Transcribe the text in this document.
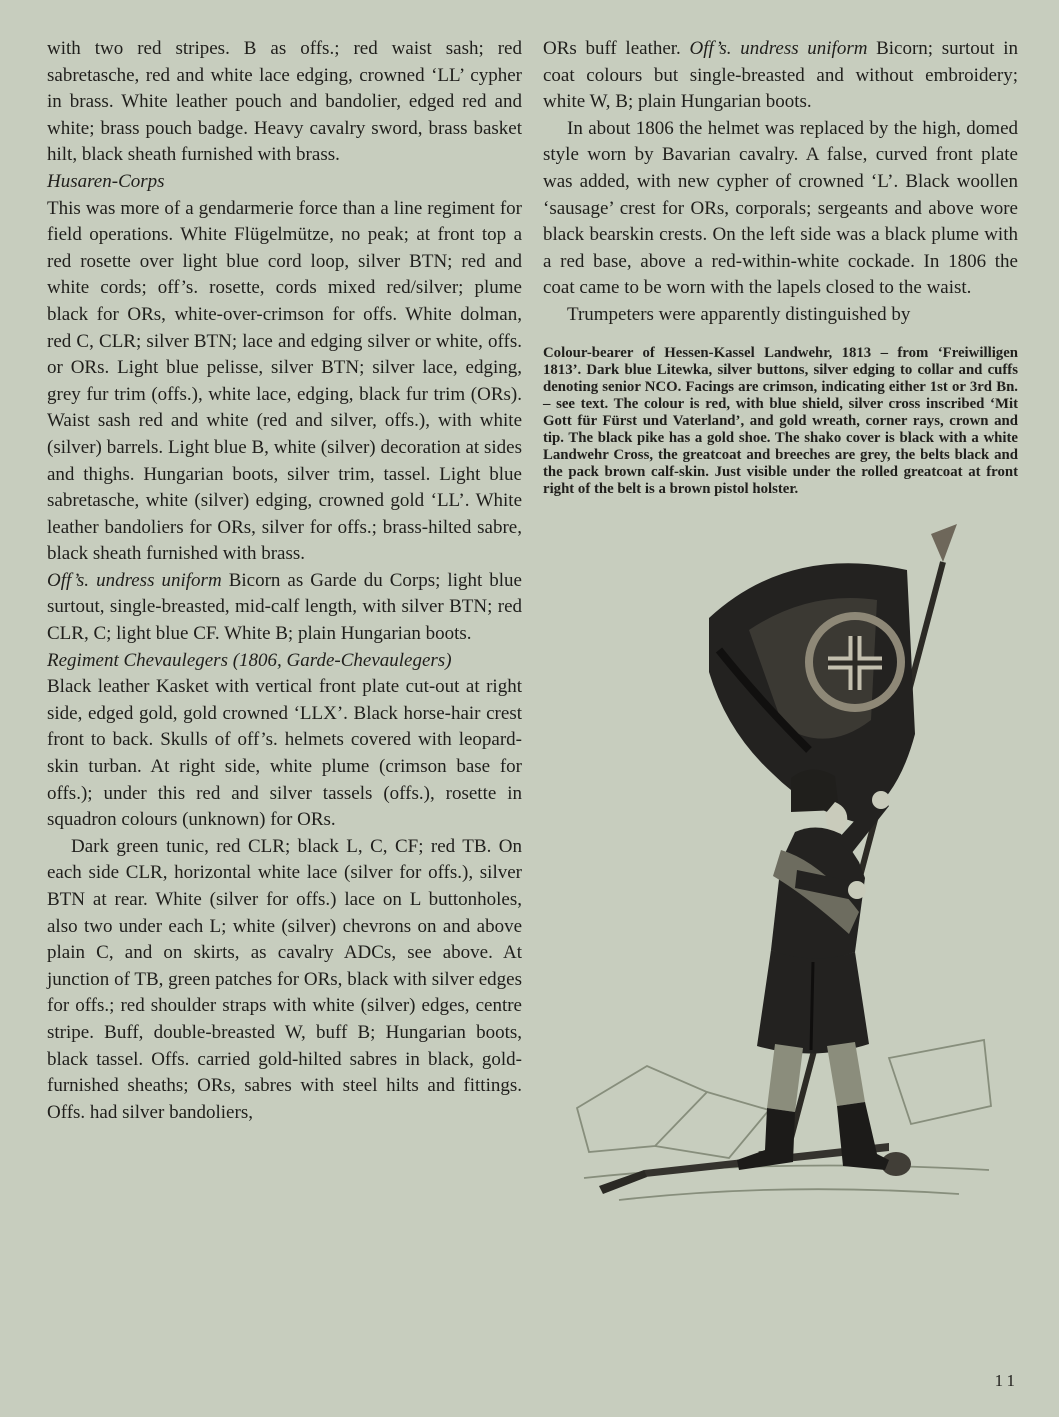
with two red stripes. B as offs.; red waist sash; red sabretasche, red and white lace edging, crowned ‘LL’ cypher in brass. White leather pouch and bandolier, edged red and white; brass pouch badge. Heavy cavalry sword, brass basket hilt, black sheath furnished with brass.

Husaren-Corps

This was more of a gendarmerie force than a line regiment for field operations. White Flügelmütze, no peak; at front top a red rosette over light blue cord loop, silver BTN; red and white cords; off’s. rosette, cords mixed red/silver; plume black for ORs, white-over-crimson for offs. White dolman, red C, CLR; silver BTN; lace and edging silver or white, offs. or ORs. Light blue pelisse, silver BTN; silver lace, edging, grey fur trim (offs.), white lace, edging, black fur trim (ORs). Waist sash red and white (red and silver, offs.), with white (silver) barrels. Light blue B, white (silver) decoration at sides and thighs. Hungarian boots, silver trim, tassel. Light blue sabretasche, white (silver) edging, crowned gold ‘LL’. White leather bandoliers for ORs, silver for offs.; brass-hilted sabre, black sheath furnished with brass.

Off’s. undress uniform Bicorn as Garde du Corps; light blue surtout, single-breasted, mid-calf length, with silver BTN; red CLR, C; light blue CF. White B; plain Hungarian boots.

Regiment Chevaulegers (1806, Garde-Chevaulegers)

Black leather Kasket with vertical front plate cut-out at right side, edged gold, gold crowned ‘LLX’. Black horse-hair crest front to back. Skulls of off’s. helmets covered with leopard-skin turban. At right side, white plume (crimson base for offs.); under this red and silver tassels (offs.), rosette in squadron colours (unknown) for ORs.

Dark green tunic, red CLR; black L, C, CF; red TB. On each side CLR, horizontal white lace (silver for offs.), silver BTN at rear. White (silver for offs.) lace on L buttonholes, also two under each L; white (silver) chevrons on and above plain C, and on skirts, as cavalry ADCs, see above. At junction of TB, green patches for ORs, black with silver edges for offs.; red shoulder straps with white (silver) edges, centre stripe. Buff, double-breasted W, buff B; Hungarian boots, black tassel. Offs. carried gold-hilted sabres in black, gold-furnished sheaths; ORs, sabres with steel hilts and fittings. Offs. had silver bandoliers,

ORs buff leather. Off’s. undress uniform Bicorn; surtout in coat colours but single-breasted and without embroidery; white W, B; plain Hungarian boots.

In about 1806 the helmet was replaced by the high, domed style worn by Bavarian cavalry. A false, curved front plate was added, with new cypher of crowned ‘L’. Black woollen ‘sausage’ crest for ORs, corporals; sergeants and above wore black bearskin crests. On the left side was a black plume with a red base, above a red-within-white cockade. In 1806 the coat came to be worn with the lapels closed to the waist.

Trumpeters were apparently distinguished by

Colour-bearer of Hessen-Kassel Landwehr, 1813 – from ‘Freiwilligen 1813’. Dark blue Litewka, silver buttons, silver edging to collar and cuffs denoting senior NCO. Facings are crimson, indicating either 1st or 3rd Bn. – see text. The colour is red, with blue shield, silver cross inscribed ‘Mit Gott für Fürst und Vaterland’, and gold wreath, corner rays, crown and tip. The black pike has a gold shoe. The shako cover is black with a white Landwehr Cross, the greatcoat and breeches are grey, the belts black and the pack brown calf-skin. Just visible under the rolled greatcoat at front right of the belt is a brown pistol holster.
11
